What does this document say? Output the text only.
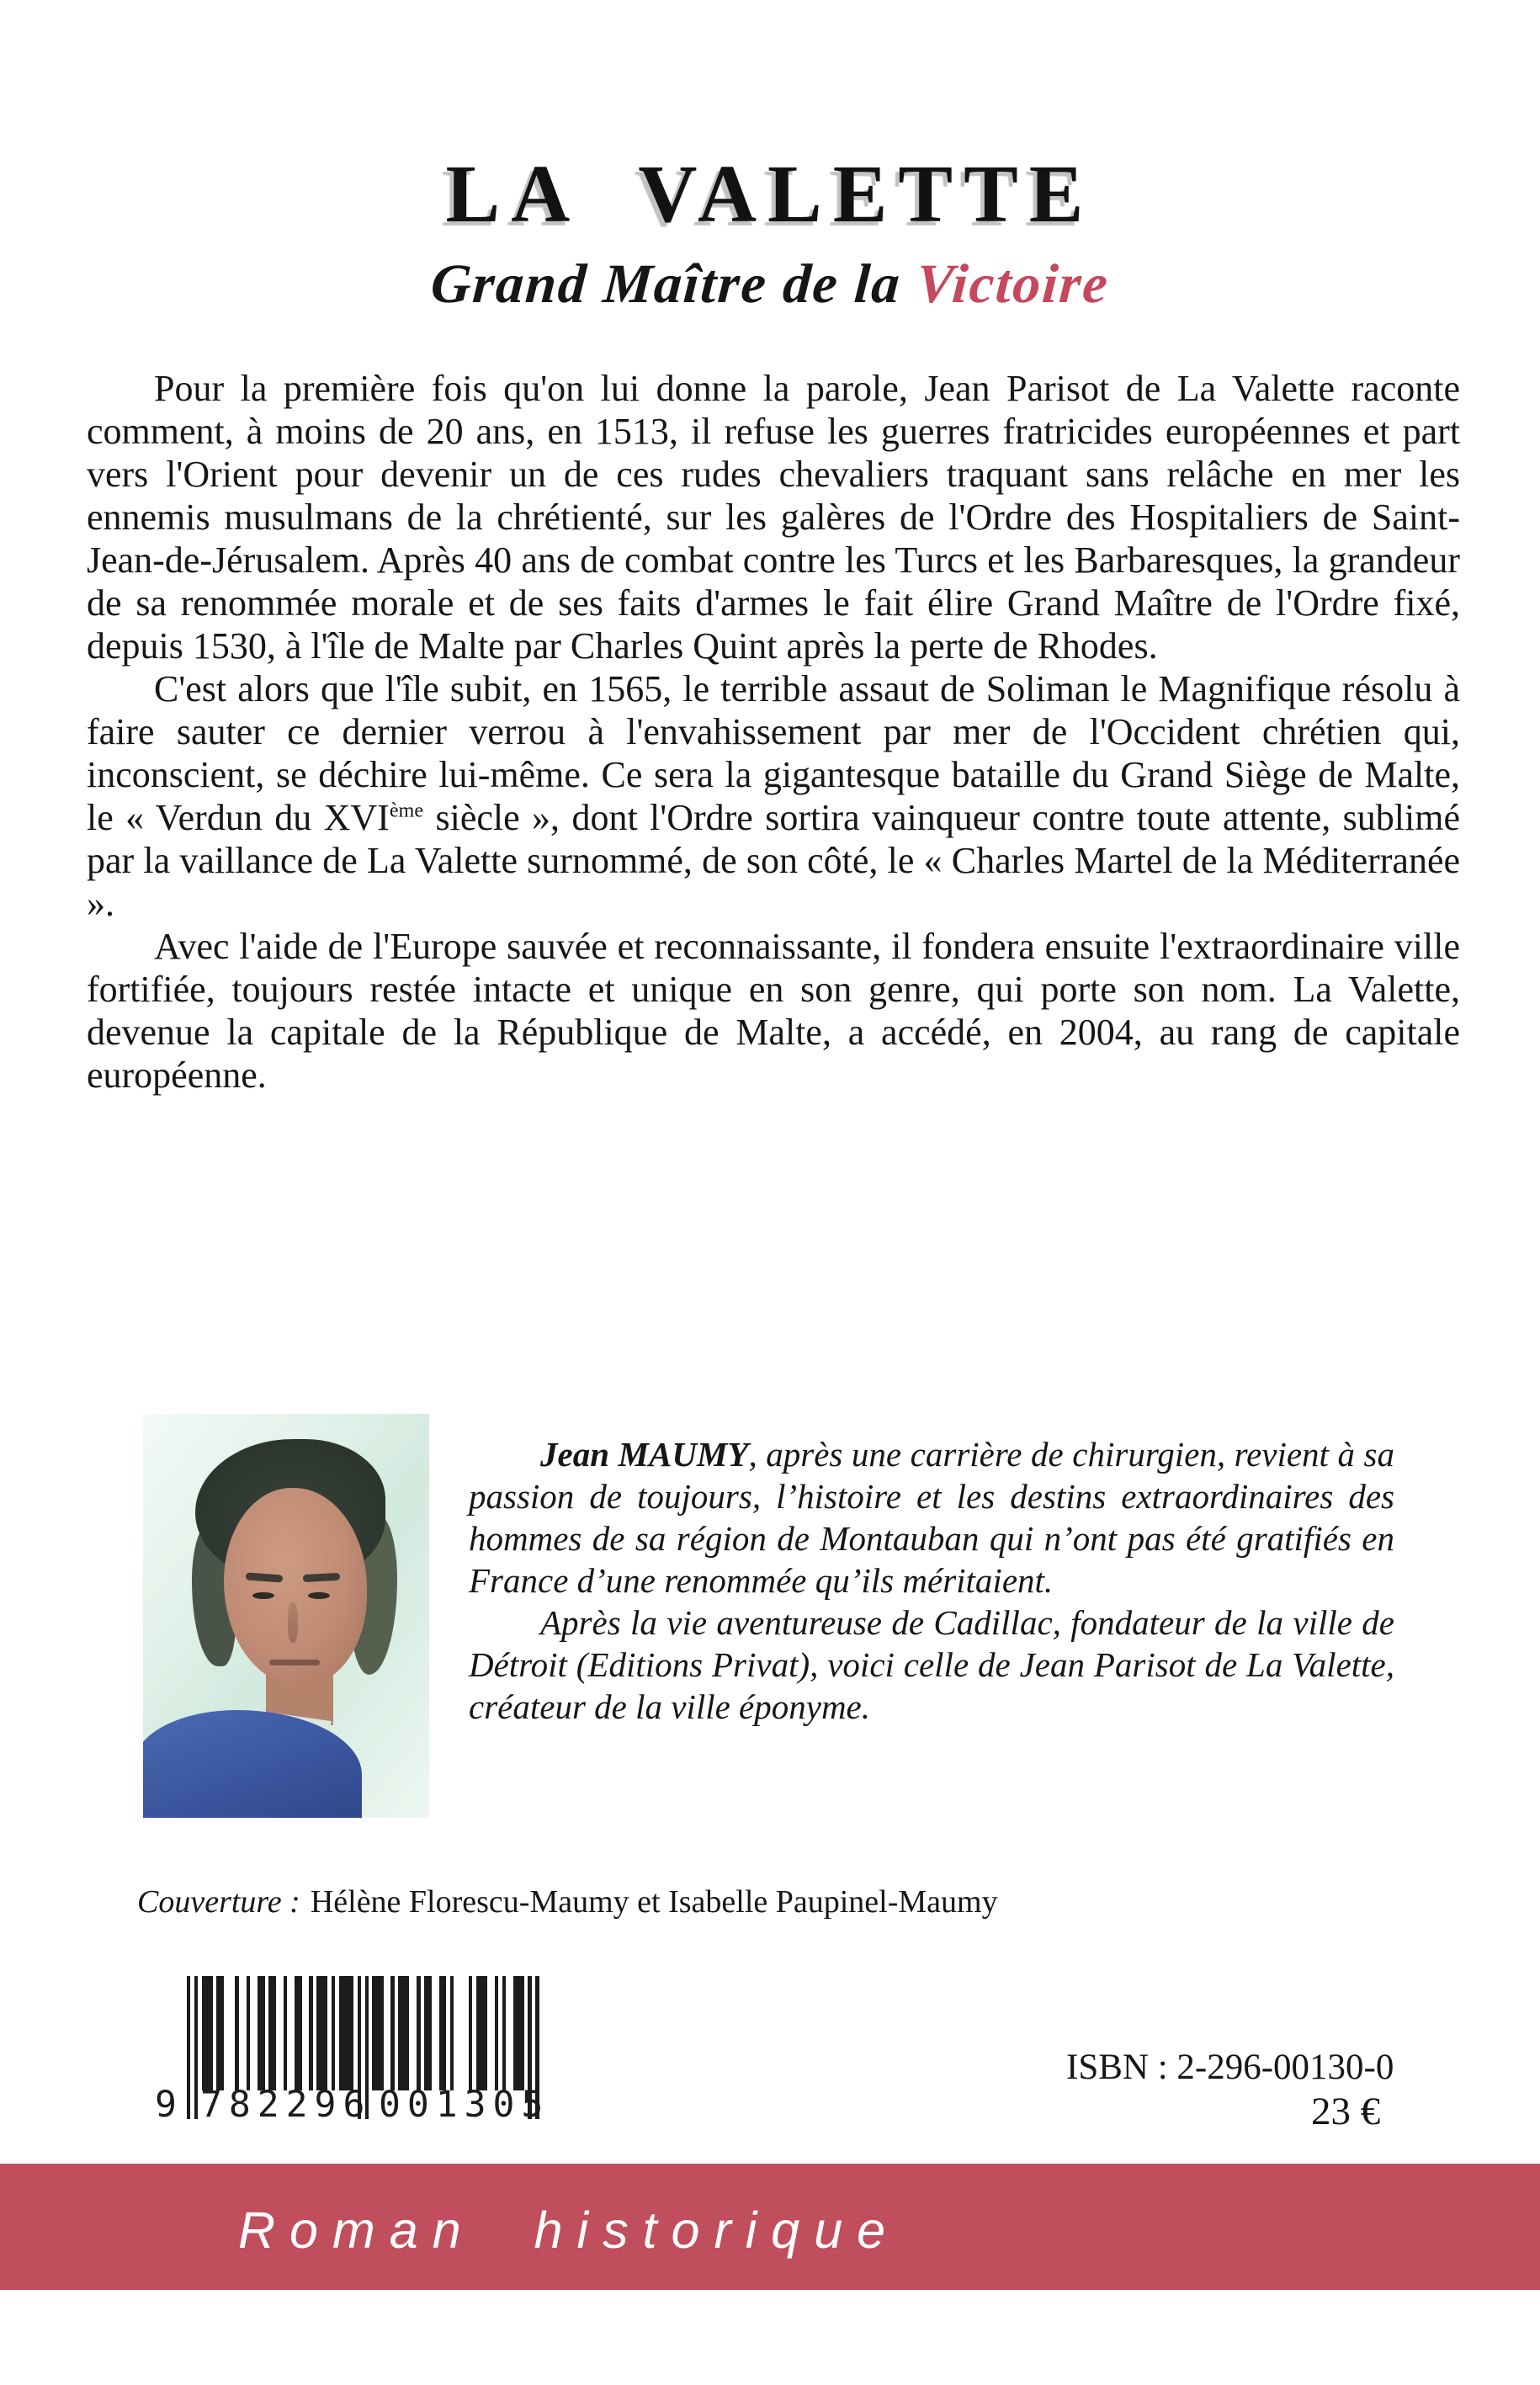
LA VALETTE
Grand Maître de la Victoire

Pour la première fois qu'on lui donne la parole, Jean Parisot de La Valette raconte comment, à moins de 20 ans, en 1513, il refuse les guerres fratricides européennes et part vers l'Orient pour devenir un de ces rudes chevaliers traquant sans relâche en mer les ennemis musulmans de la chrétienté, sur les galères de l'Ordre des Hospitaliers de Saint-Jean-de-Jérusalem. Après 40 ans de combat contre les Turcs et les Barbaresques, la grandeur de sa renommée morale et de ses faits d'armes le fait élire Grand Maître de l'Ordre fixé, depuis 1530, à l'île de Malte par Charles Quint après la perte de Rhodes.

C'est alors que l'île subit, en 1565, le terrible assaut de Soliman le Magnifique résolu à faire sauter ce dernier verrou à l'envahissement par mer de l'Occident chrétien qui, inconscient, se déchire lui-même. Ce sera la gigantesque bataille du Grand Siège de Malte, le « Verdun du XVIème siècle », dont l'Ordre sortira vainqueur contre toute attente, sublimé par la vaillance de La Valette surnommé, de son côté, le « Charles Martel de la Méditerranée ».

Avec l'aide de l'Europe sauvée et reconnaissante, il fondera ensuite l'extraordinaire ville fortifiée, toujours restée intacte et unique en son genre, qui porte son nom. La Valette, devenue la capitale de la République de Malte, a accédé, en 2004, au rang de capitale européenne.

Jean MAUMY, après une carrière de chirurgien, revient à sa passion de toujours, l’histoire et les destins extraordinaires des hommes de sa région de Montauban qui n’ont pas été gratifiés en France d’une renommée qu’ils méritaient.

Après la vie aventureuse de Cadillac, fondateur de la ville de Détroit (Editions Privat), voici celle de Jean Parisot de La Valette, créateur de la ville éponyme.

Couverture : Hélène Florescu-Maumy et Isabelle Paupinel-Maumy
9 782296 001305
ISBN : 2-296-00130-0
23 €
Roman historique
